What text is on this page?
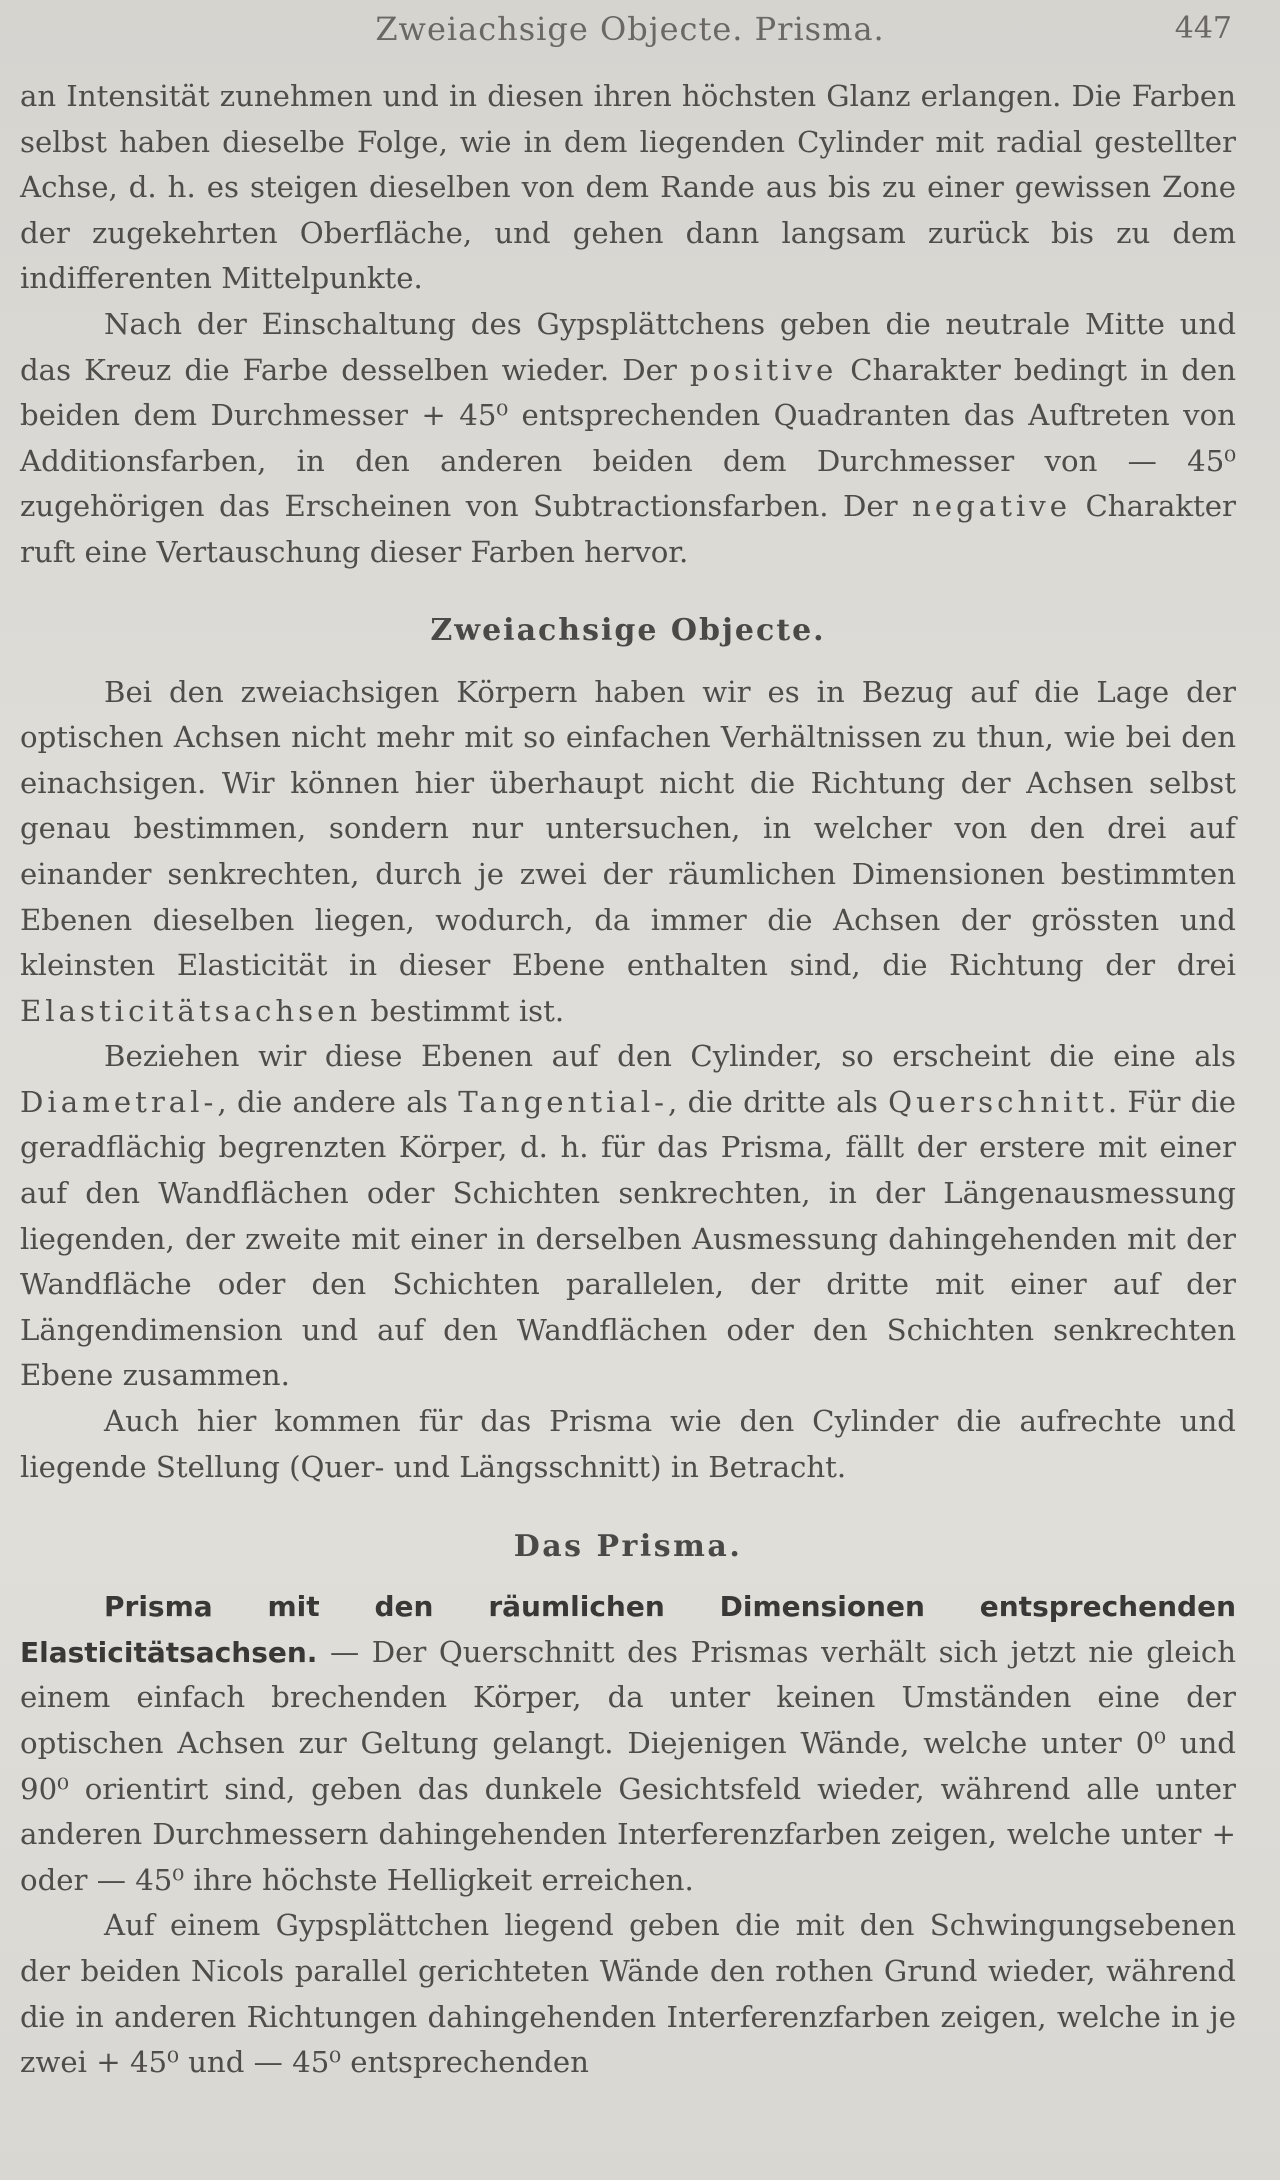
Zweiachsige Objecte. Prisma.	447

an Intensität zunehmen und in diesen ihren höchsten Glanz erlangen. Die Farben selbst haben dieselbe Folge, wie in dem liegenden Cylinder mit radial gestellter Achse, d. h. es steigen dieselben von dem Rande aus bis zu einer gewissen Zone der zugekehrten Oberfläche, und gehen dann langsam zurück bis zu dem indifferenten Mittelpunkte.

Nach der Einschaltung des Gypsplättchens geben die neutrale Mitte und das Kreuz die Farbe desselben wieder. Der positive Charakter bedingt in den beiden dem Durchmesser + 45⁰ entsprechenden Quadranten das Auftreten von Additionsfarben, in den anderen beiden dem Durchmesser von — 45⁰ zugehörigen das Erscheinen von Subtractionsfarben. Der negative Charakter ruft eine Vertauschung dieser Farben hervor.

Zweiachsige Objecte.

Bei den zweiachsigen Körpern haben wir es in Bezug auf die Lage der optischen Achsen nicht mehr mit so einfachen Verhältnissen zu thun, wie bei den einachsigen. Wir können hier überhaupt nicht die Richtung der Achsen selbst genau bestimmen, sondern nur untersuchen, in welcher von den drei auf einander senkrechten, durch je zwei der räumlichen Dimensionen bestimmten Ebenen dieselben liegen, wodurch, da immer die Achsen der grössten und kleinsten Elasticität in dieser Ebene enthalten sind, die Richtung der drei Elasticitätsachsen bestimmt ist.

Beziehen wir diese Ebenen auf den Cylinder, so erscheint die eine als Diametral-, die andere als Tangential-, die dritte als Querschnitt. Für die geradflächig begrenzten Körper, d. h. für das Prisma, fällt der erstere mit einer auf den Wandflächen oder Schichten senkrechten, in der Längenausmessung liegenden, der zweite mit einer in derselben Ausmessung dahingehenden mit der Wandfläche oder den Schichten parallelen, der dritte mit einer auf der Längendimension und auf den Wandflächen oder den Schichten senkrechten Ebene zusammen.

Auch hier kommen für das Prisma wie den Cylinder die aufrechte und liegende Stellung (Quer- und Längsschnitt) in Betracht.

Das Prisma.

Prisma mit den räumlichen Dimensionen entsprechenden Elasticitätsachsen. — Der Querschnitt des Prismas verhält sich jetzt nie gleich einem einfach brechenden Körper, da unter keinen Umständen eine der optischen Achsen zur Geltung gelangt. Diejenigen Wände, welche unter 0⁰ und 90⁰ orientirt sind, geben das dunkele Gesichtsfeld wieder, während alle unter anderen Durchmessern dahingehenden Interferenzfarben zeigen, welche unter + oder — 45⁰ ihre höchste Helligkeit erreichen.

Auf einem Gypsplättchen liegend geben die mit den Schwingungsebenen der beiden Nicols parallel gerichteten Wände den rothen Grund wieder, während die in anderen Richtungen dahingehenden Interferenzfarben zeigen, welche in je zwei + 45⁰ und — 45⁰ entsprechenden
